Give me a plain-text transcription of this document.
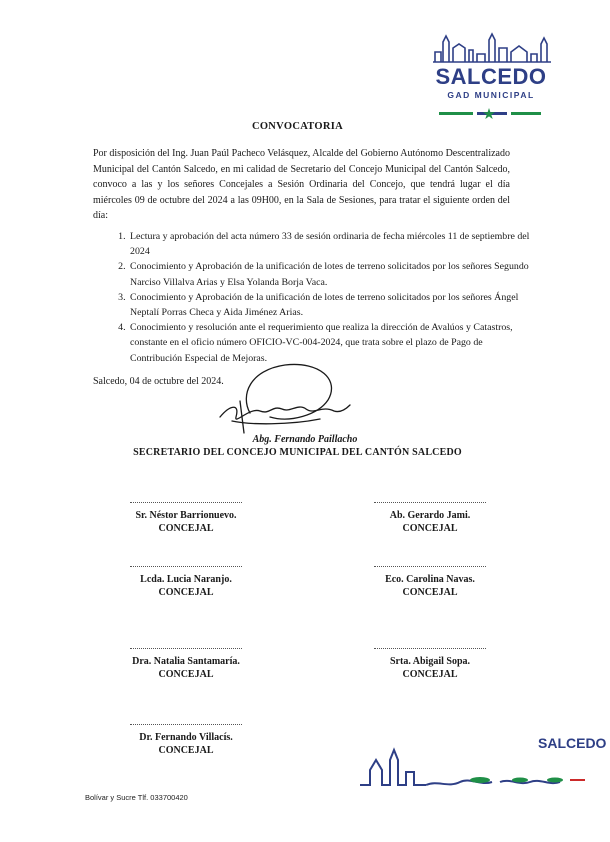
SALCEDO
GAD MUNICIPAL
CONVOCATORIA
Por disposición del Ing. Juan Paúl Pacheco Velásquez, Alcalde del Gobierno Autónomo Descentralizado Municipal del Cantón Salcedo, en mi calidad de Secretario del Concejo Municipal del Cantón Salcedo, convoco a las y los señores Concejales a Sesión Ordinaria del Concejo, que tendrá lugar el día miércoles 09 de octubre del 2024 a las 09H00, en la Sala de Sesiones, para tratar el siguiente orden del día:
1. Lectura y aprobación del acta número 33 de sesión ordinaria de fecha miércoles 11 de septiembre del 2024
2. Conocimiento y Aprobación de la unificación de lotes de terreno solicitados por los señores Segundo Narciso Villalva Arias y Elsa Yolanda Borja Vaca.
3. Conocimiento y Aprobación de la unificación de lotes de terreno solicitados por los señores Ángel Neptalí Porras Checa y Aida Jiménez Arias.
4. Conocimiento y resolución ante el requerimiento que realiza la dirección de Avalúos y Catastros, constante en el oficio número OFICIO-VC-004-2024, que trata sobre el plazo de Pago de Contribución Especial de Mejoras.
Salcedo, 04 de octubre del 2024.
Abg. Fernando Paillacho
SECRETARIO DEL CONCEJO MUNICIPAL DEL CANTÓN SALCEDO
Sr. Néstor Barrionuevo.
CONCEJAL
Ab. Gerardo Jami.
CONCEJAL
Lcda. Lucia Naranjo.
CONCEJAL
Eco. Carolina Navas.
CONCEJAL
Dra. Natalia Santamaría.
CONCEJAL
Srta. Abigail Sopa.
CONCEJAL
Dr. Fernando Villacís.
CONCEJAL	SALCEDO
Bolívar y Sucre Tlf. 033700420
